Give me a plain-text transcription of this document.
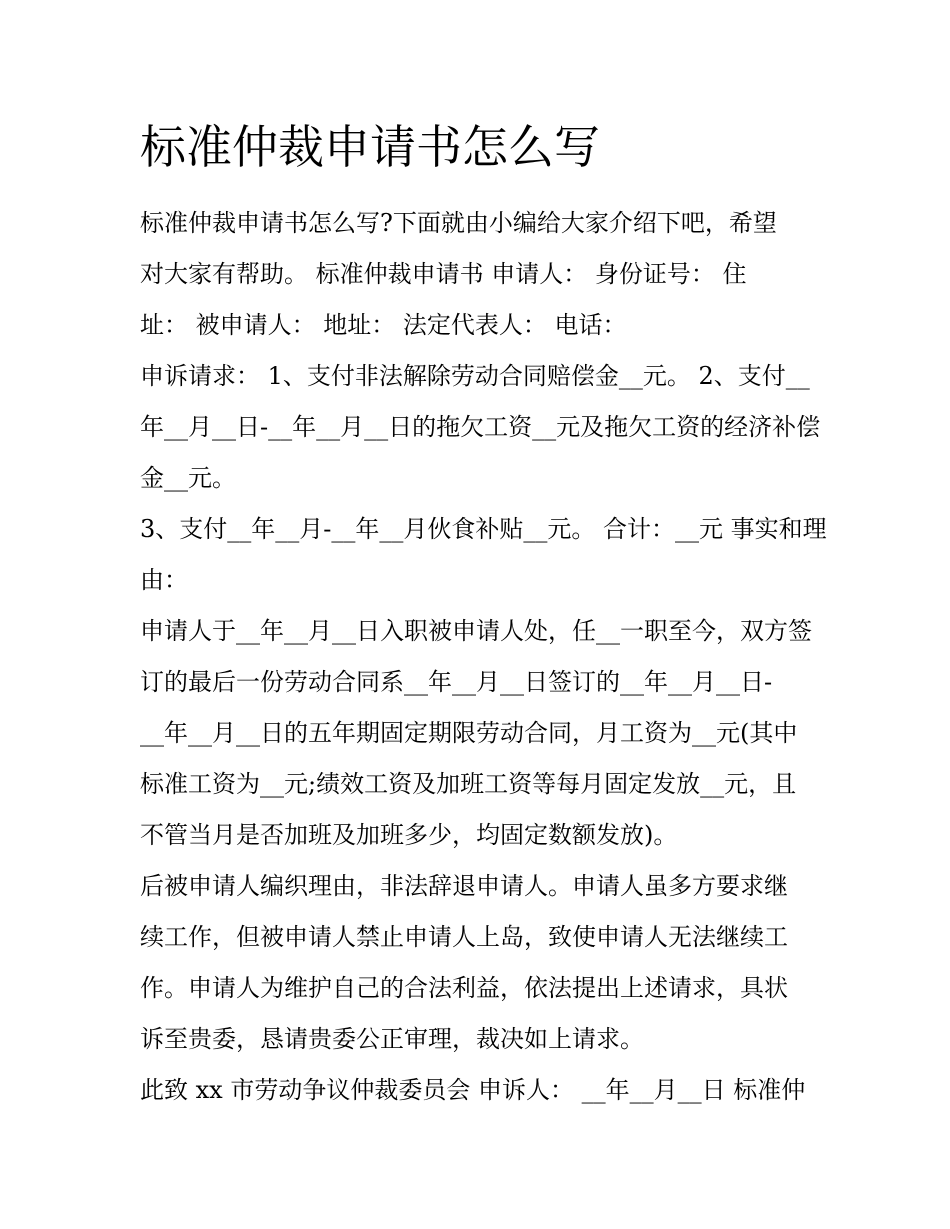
标准仲裁申请书怎么写

标准仲裁申请书怎么写?下面就由小编给大家介绍下吧，希望

对大家有帮助。 标准仲裁申请书 申请人： 身份证号： 住

址： 被申请人： 地址： 法定代表人： 电话：

申诉请求： 1、支付非法解除劳动合同赔偿金__元。 2、支付__

年__月__日-__年__月__日的拖欠工资__元及拖欠工资的经济补偿

金__元。

3、支付__年__月-__年__月伙食补贴__元。 合计：__元 事实和理

由：

申请人于__年__月__日入职被申请人处，任__一职至今，双方签

订的最后一份劳动合同系__年__月__日签订的__年__月__日-

__年__月__日的五年期固定期限劳动合同，月工资为__元(其中

标准工资为__元;绩效工资及加班工资等每月固定发放__元，且

不管当月是否加班及加班多少，均固定数额发放)。

后被申请人编织理由，非法辞退申请人。申请人虽多方要求继

续工作，但被申请人禁止申请人上岛，致使申请人无法继续工

作。申请人为维护自己的合法利益，依法提出上述请求，具状

诉至贵委，恳请贵委公正审理，裁决如上请求。

此致 xx 市劳动争议仲裁委员会 申诉人： __年__月__日 标准仲
